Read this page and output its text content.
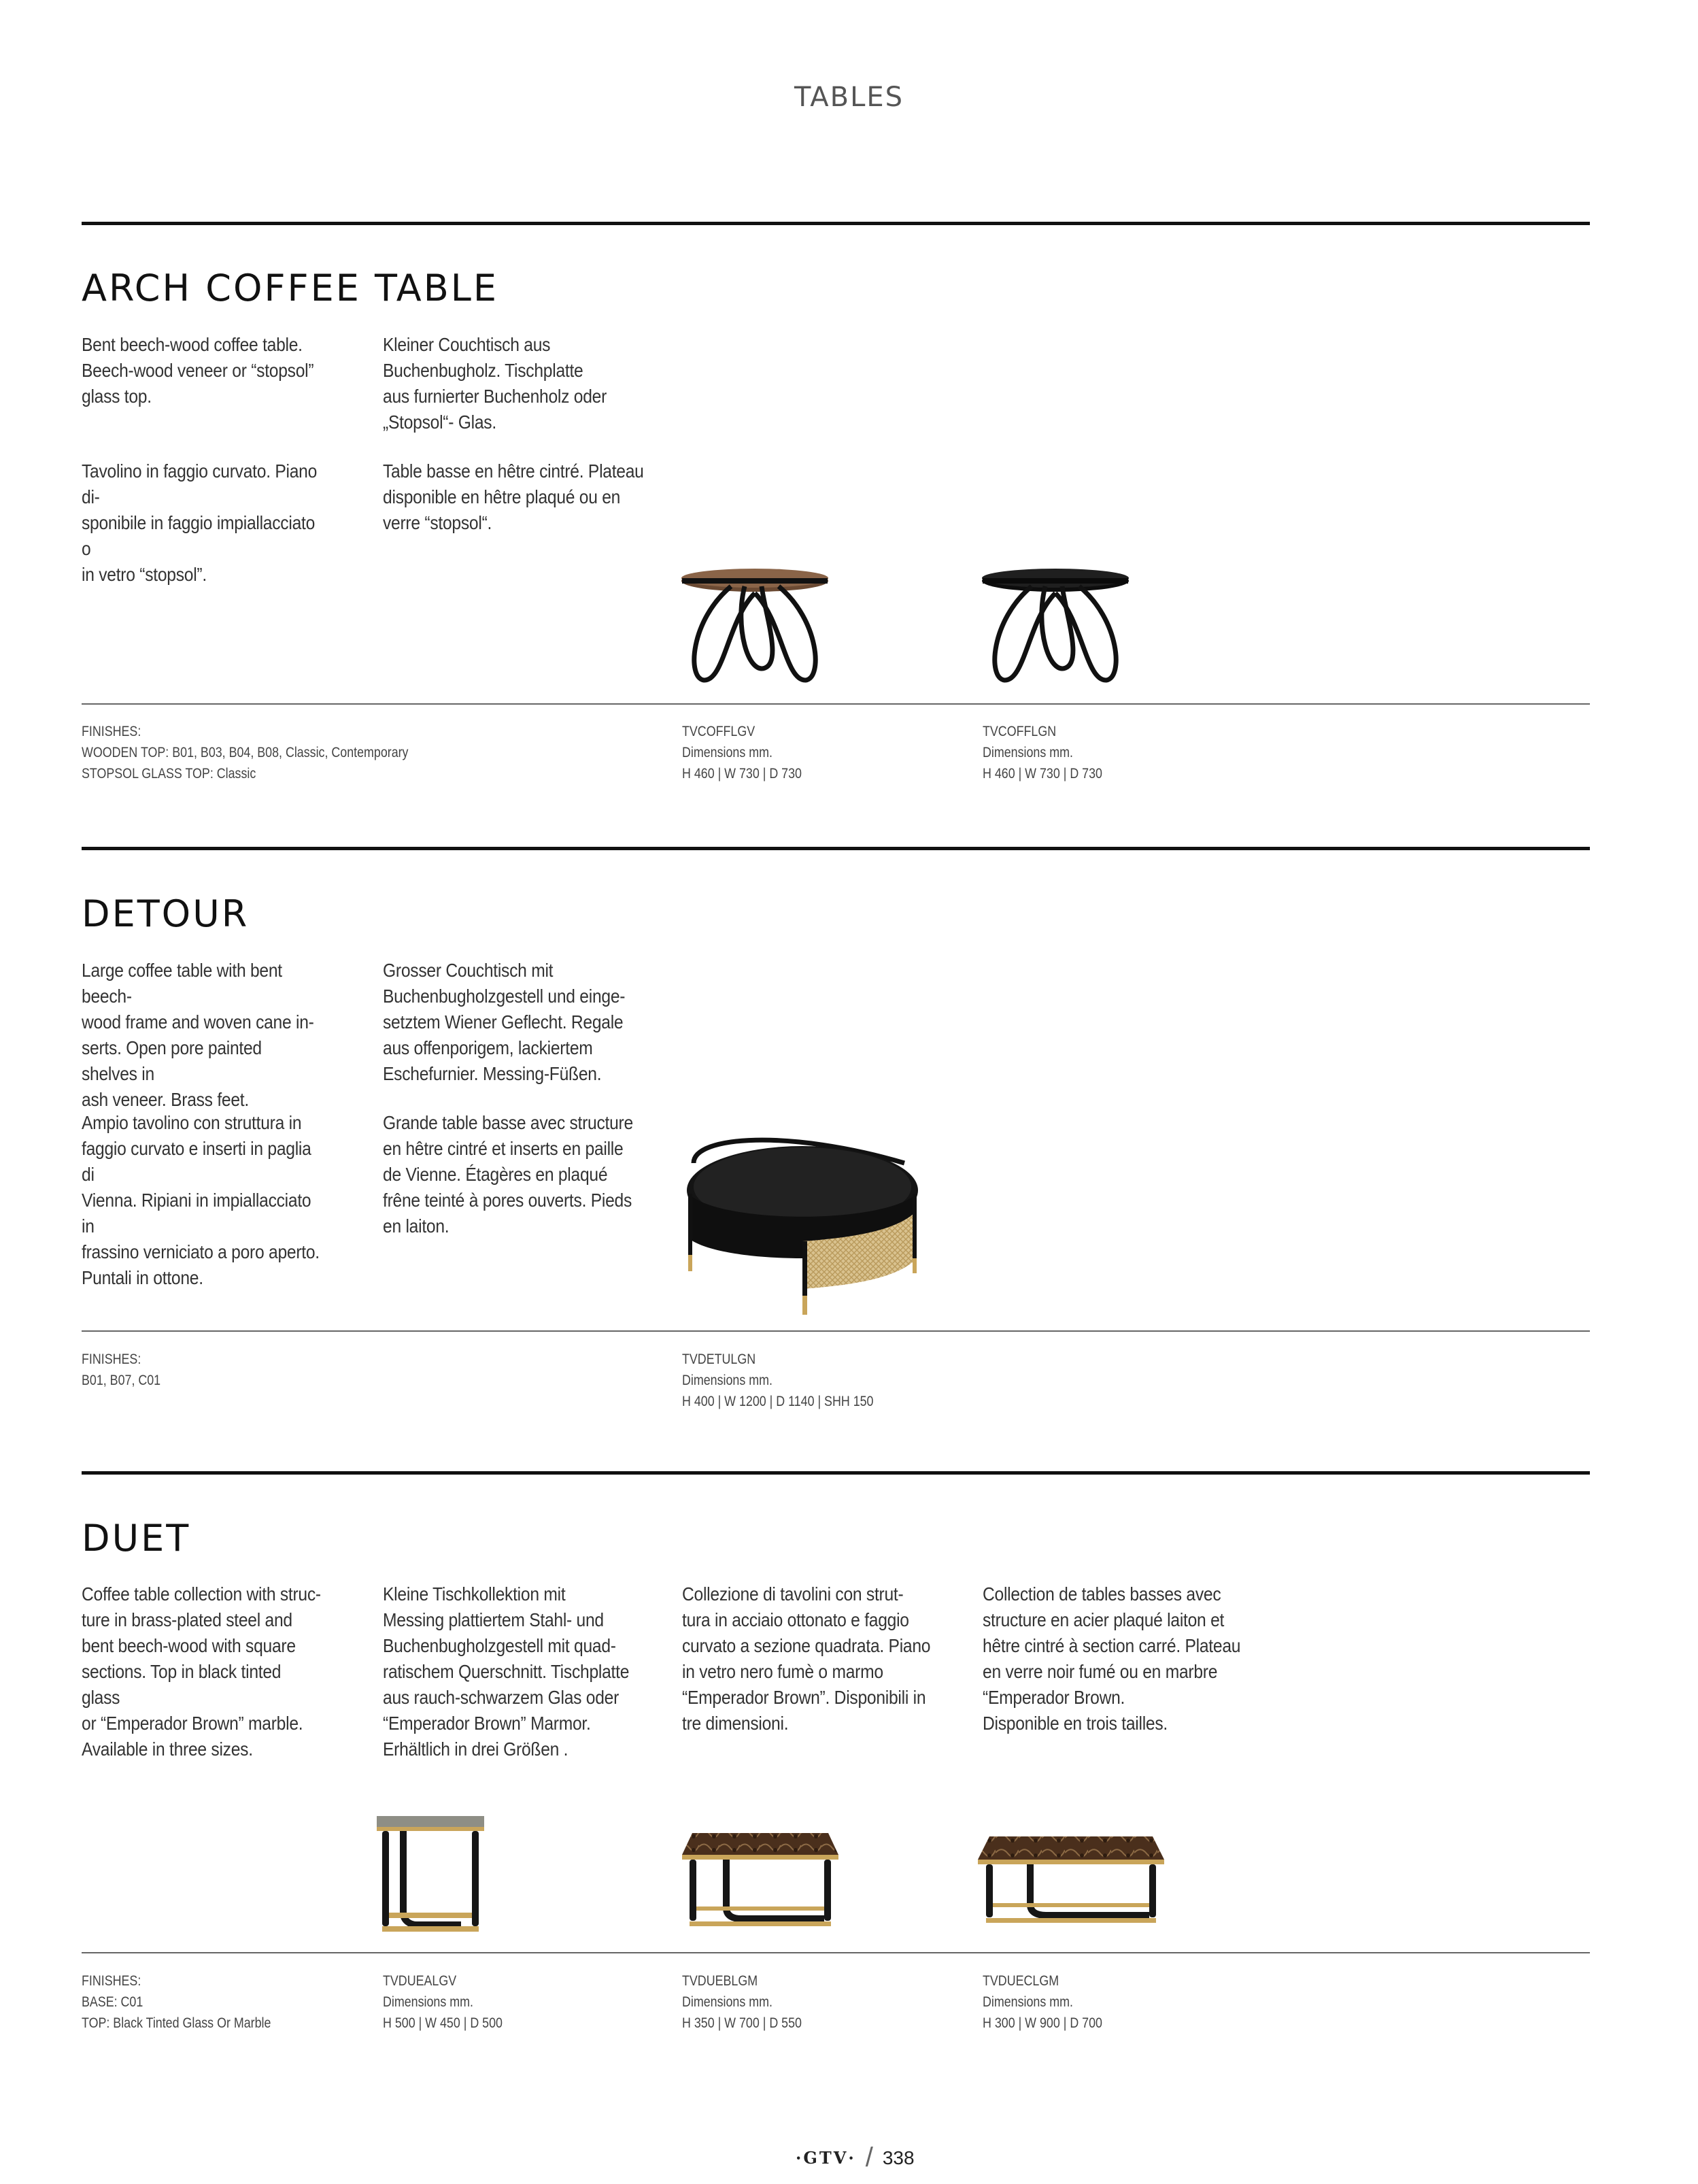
TABLES
ARCH COFFEE TABLE
Bent beech-wood coffee table.
Beech-wood veneer or “stopsol”
glass top.
Kleiner Couchtisch aus
Buchenbugholz. Tischplatte
aus furnierter Buchenholz oder
„Stopsol“- Glas.
Tavolino in faggio curvato. Piano di-
sponibile in faggio impiallacciato o
in vetro “stopsol”.
Table basse en hêtre cintré. Plateau
disponible en hêtre plaqué ou en
verre “stopsol“.
FINISHES:
WOODEN TOP: B01, B03, B04, B08, Classic, Contemporary
STOPSOL GLASS TOP: Classic
TVCOFFLGV
Dimensions mm.
H 460 | W 730 | D 730
TVCOFFLGN
Dimensions mm.
H 460 | W 730 | D 730
DETOUR
Large coffee table with bent beech-
wood frame and woven cane in-
serts. Open pore painted shelves in
ash veneer. Brass feet.
Grosser Couchtisch mit
Buchenbugholzgestell und einge-
setztem Wiener Geflecht. Regale
aus offenporigem, lackiertem
Eschefurnier. Messing-Füßen.
Ampio tavolino con struttura in
faggio curvato e inserti in paglia di
Vienna. Ripiani in impiallacciato in
frassino verniciato a poro aperto.
Puntali in ottone.
Grande table basse avec structure
en hêtre cintré et inserts en paille
de Vienne. Étagères en plaqué
frêne teinté à pores ouverts. Pieds
en laiton.
FINISHES:
B01, B07, C01
TVDETULGN
Dimensions mm.
H 400 | W 1200 | D 1140 | SHH 150
DUET
Coffee table collection with struc-
ture in brass-plated steel and
bent beech-wood with square
sections. Top in black tinted glass
or “Emperador Brown” marble.
Available in three sizes.
Kleine Tischkollektion mit
Messing plattiertem Stahl- und
Buchenbugholzgestell mit quad-
ratischem Querschnitt. Tischplatte
aus rauch-schwarzem Glas oder
“Emperador Brown” Marmor.
Erhältlich in drei Größen .
Collezione di tavolini con strut-
tura in acciaio ottonato e faggio
curvato a sezione quadrata. Piano
in vetro nero fumè o marmo
“Emperador Brown”. Disponibili in
tre dimensioni.
Collection de tables basses avec
structure en acier plaqué laiton et
hêtre cintré à section carré. Plateau
en verre noir fumé ou en marbre
“Emperador Brown.
Disponible en trois tailles.
FINISHES:
BASE: C01
TOP: Black Tinted Glass Or Marble
TVDUEALGV
Dimensions mm.
H 500 | W 450 | D 500
TVDUEBLGM
Dimensions mm.
H 350 | W 700 | D 550
TVDUECLGM
Dimensions mm.
H 300 | W 900 | D 700
·GTV· / 338
